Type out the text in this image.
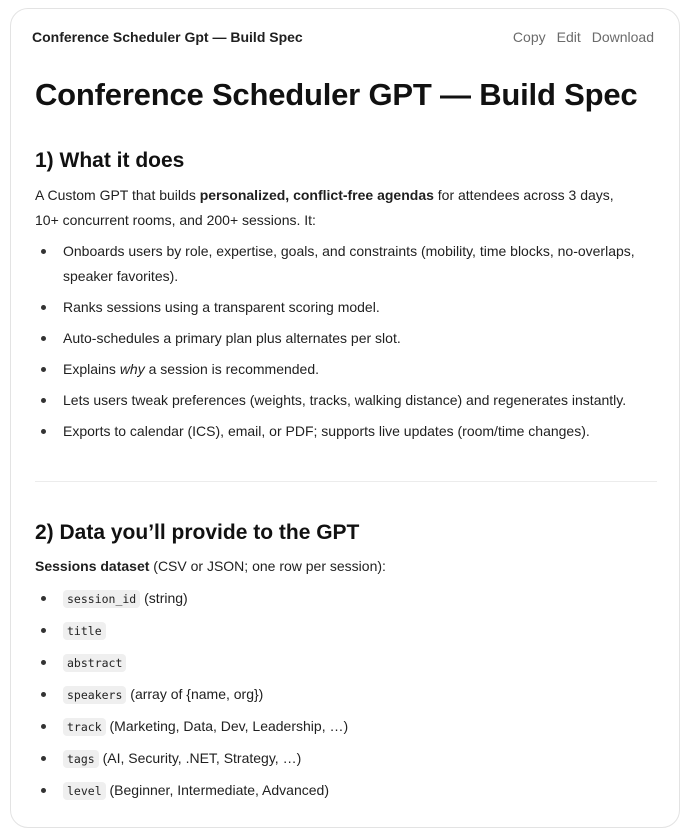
Conference Scheduler Gpt — Build Spec	Copy Edit Download
Conference Scheduler GPT — Build Spec
1) What it does

A Custom GPT that builds personalized, conflict-free agendas for attendees across 3 days, 10+ concurrent rooms, and 200+ sessions. It:

Onboards users by role, expertise, goals, and constraints (mobility, time blocks, no-overlaps, speaker favorites).
Ranks sessions using a transparent scoring model.
Auto-schedules a primary plan plus alternates per slot.
Explains why a session is recommended.
Lets users tweak preferences (weights, tracks, walking distance) and regenerates instantly.
Exports to calendar (ICS), email, or PDF; supports live updates (room/time changes).
2) Data you’ll provide to the GPT

Sessions dataset (CSV or JSON; one row per session):

session_id (string)
title
abstract
speakers (array of {name, org})
track (Marketing, Data, Dev, Leadership, …)
tags (AI, Security, .NET, Strategy, …)
level (Beginner, Intermediate, Advanced)
